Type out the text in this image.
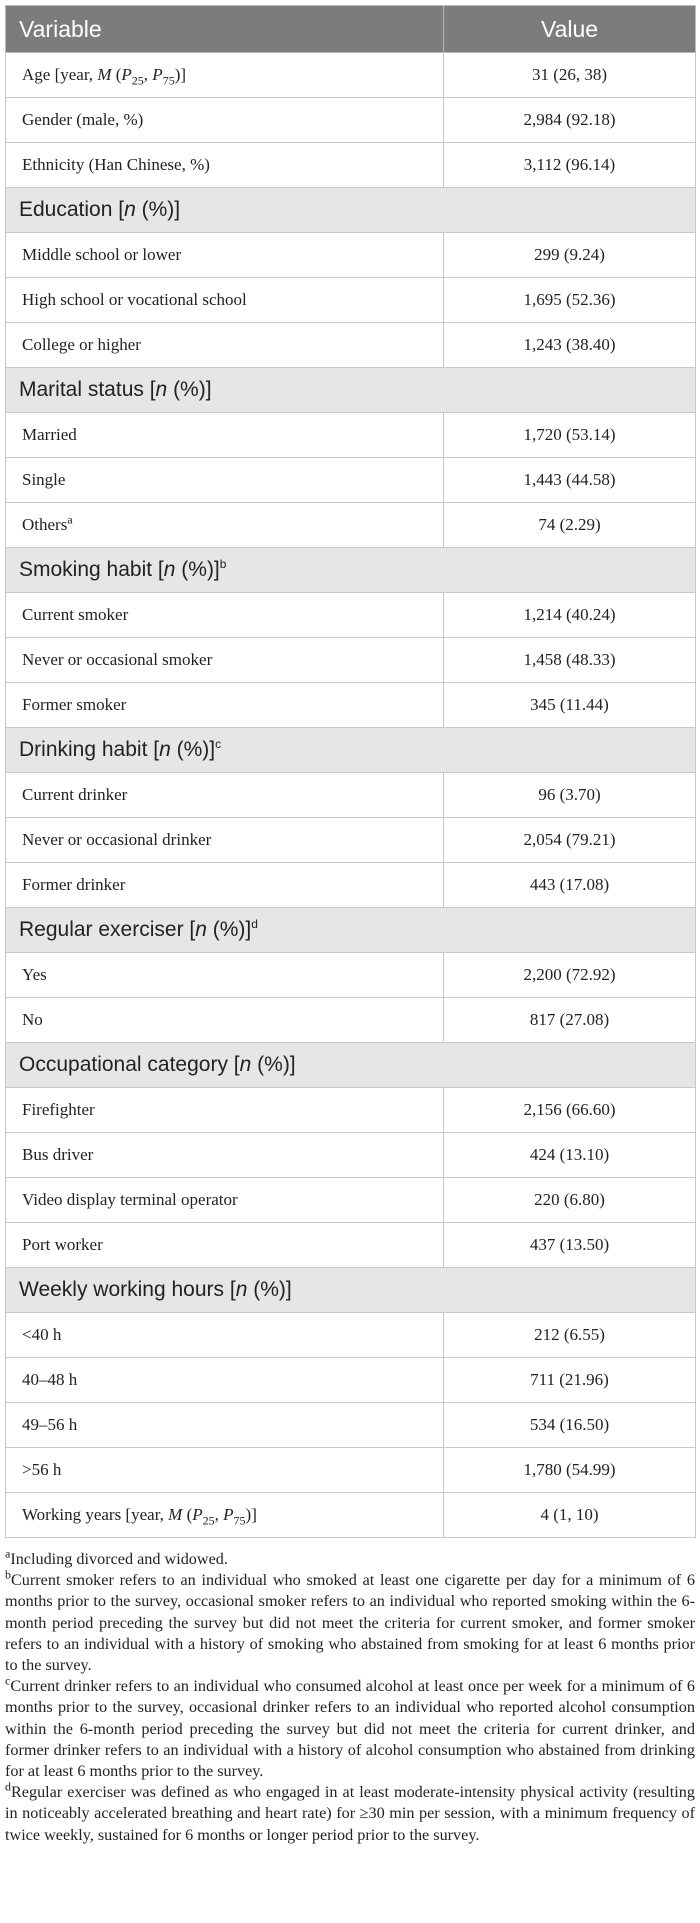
Variable	Value
Age [year, M ($P_{25}$, $P_{75}$)]	31 (26, 38)
Gender (male, %)	2,984 (92.18)
Ethnicity (Han Chinese, %)	3,112 (96.14)
Education [n (%)]	
Middle school or lower	299 (9.24)
High school or vocational school	1,695 (52.36)
College or higher	1,243 (38.40)
Marital status [n (%)]	
Married	1,720 (53.14)
Single	1,443 (44.58)
Others$^a$	74 (2.29)
Smoking habit [n (%)]$^b$
Current smoker	1,214 (40.24)
Never or occasional smoker	1,458 (48.33)
Former smoker	345 (11.44)
Drinking habit [n (%)]$^c$
Current drinker	96 (3.70)
Never or occasional drinker	2,054 (79.21)
Former drinker	443 (17.08)
Regular exerciser [n (%)]$^d$
Yes	2,200 (72.92)
No	817 (27.08)
Occupational category [n (%)]	
Firefighter	2,156 (66.60)
Bus driver	424 (13.10)
Video display terminal operator	220 (6.80)
Port worker	437 (13.50)
Weekly working hours [n (%)]	
<40 h	212 (6.55)
40–48 h	711 (21.96)
49–56 h	534 (16.50)
>56 h	1,780 (54.99)
Working years [year, M ($P_{25}$, $P_{75}$)]	4 (1, 10)

$^a$Including divorced and widowed.

$^b$Current smoker refers to an individual who smoked at least one cigarette per day for a minimum of 6 months prior to the survey, occasional smoker refers to an individual who reported smoking within the 6-month period preceding the survey but did not meet the criteria for current smoker, and former smoker refers to an individual with a history of smoking who abstained from smoking for at least 6 months prior to the survey.

$^c$Current drinker refers to an individual who consumed alcohol at least once per week for a minimum of 6 months prior to the survey, occasional drinker refers to an individual who reported alcohol consumption within the 6-month period preceding the survey but did not meet the criteria for current drinker, and former drinker refers to an individual with a history of alcohol consumption who abstained from drinking for at least 6 months prior to the survey.

$^d$Regular exerciser was defined as who engaged in at least moderate-intensity physical activity (resulting in noticeably accelerated breathing and heart rate) for ≥30 min per session, with a minimum frequency of twice weekly, sustained for 6 months or longer period prior to the survey.
